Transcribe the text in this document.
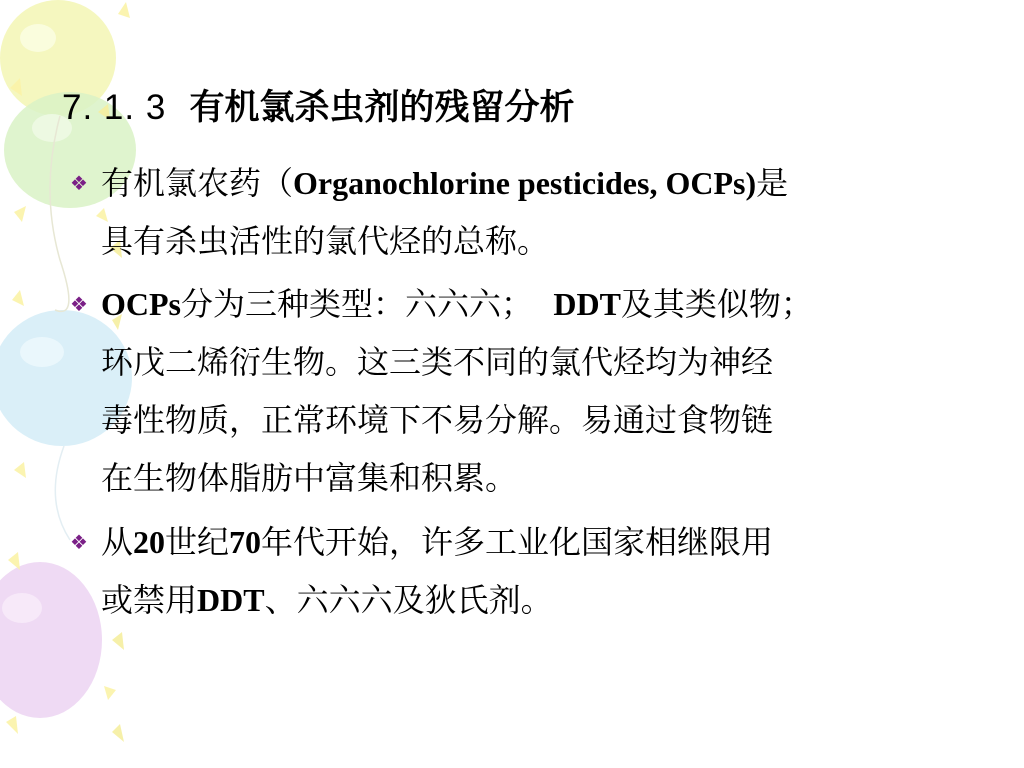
7. 1. 3 有机氯杀虫剂的残留分析
❖ 有机氯农药（Organochlorine pesticides, OCPs)是
具有杀虫活性的氯代烃的总称。
❖ OCPs分为三种类型：六六六；  DDT及其类似物；
环戊二烯衍生物。这三类不同的氯代烃均为神经
毒性物质，正常环境下不易分解。易通过食物链
在生物体脂肪中富集和积累。
❖ 从20世纪70年代开始，许多工业化国家相继限用
或禁用DDT、六六六及狄氏剂。
